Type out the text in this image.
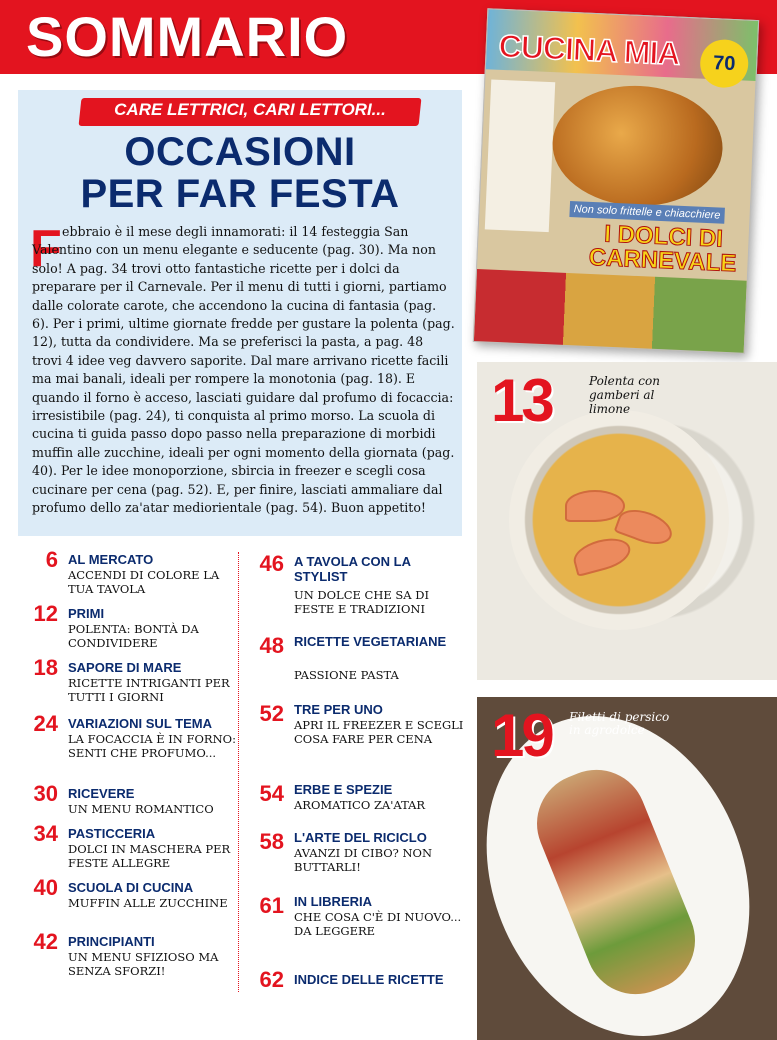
SOMMARIO
CARE LETTRICI, CARI LETTORI...
OCCASIONI
PER FAR FESTA
F ebbraio è il mese degli innamorati: il 14 festeggia San Valentino con un menu elegante e seducente (pag. 30). Ma non solo! A pag. 34 trovi otto fantastiche ricette per i dolci da preparare per il Carnevale. Per il menu di tutti i giorni, partiamo dalle colorate carote, che accendono la cucina di fantasia (pag. 6). Per i primi, ultime giornate fredde per gustare la polenta (pag. 12), tutta da condividere. Ma se preferisci la pasta, a pag. 48 trovi 4 idee veg davvero saporite. Dal mare arrivano ricette facili ma mai banali, ideali per rompere la monotonia (pag. 18). E quando il forno è acceso, lasciati guidare dal profumo di focaccia: irresistibile (pag. 24), ti conquista al primo morso. La scuola di cucina ti guida passo dopo passo nella preparazione di morbidi muffin alle zucchine, ideali per ogni momento della giornata (pag. 40). Per le idee monoporzione, sbircia in freezer e scegli cosa cucinare per cena (pag. 52). E, per finire, lasciati ammaliare dal profumo dello za'atar mediorientale (pag. 54). Buon appetito!
CUCINA MIA	70
Non solo frittelle e chiacchiere
I DOLCI DI CARNEVALE
13	Polenta con gamberi al limone
19 Filetti di persico in agrodolce
6 AL MERCATO
ACCENDI DI COLORE LA TUA TAVOLA
12 PRIMI
POLENTA: BONTÀ DA CONDIVIDERE
18 SAPORE DI MARE
RICETTE INTRIGANTI PER TUTTI I GIORNI
24 VARIAZIONI SUL TEMA
LA FOCACCIA È IN FORNO: SENTI CHE PROFUMO...
30 RICEVERE
UN MENU ROMANTICO
34 PASTICCERIA
DOLCI IN MASCHERA PER FESTE ALLEGRE
40 SCUOLA DI CUCINA
MUFFIN ALLE ZUCCHINE
42 PRINCIPIANTI
UN MENU SFIZIOSO MA SENZA SFORZI!
46 A TAVOLA CON LA STYLIST
UN DOLCE CHE SA DI FESTE E TRADIZIONI
48 RICETTE VEGETARIANE
PASSIONE PASTA
52 TRE PER UNO
APRI IL FREEZER E SCEGLI COSA FARE PER CENA
54 ERBE E SPEZIE
AROMATICO ZA'ATAR
58 L'ARTE DEL RICICLO
AVANZI DI CIBO? NON BUTTARLI!
61 IN LIBRERIA
CHE COSA C'È DI NUOVO... DA LEGGERE
62 INDICE DELLE RICETTE
